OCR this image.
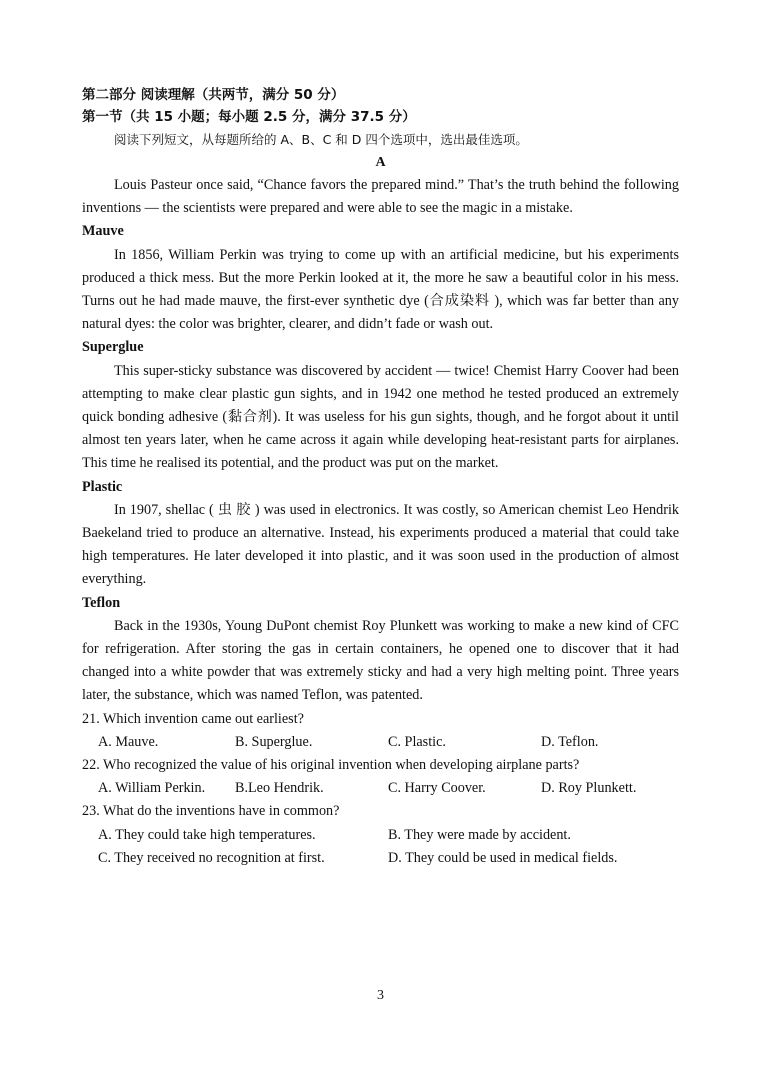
第二部分 阅读理解（共两节，满分 50 分）

第一节（共 15 小题；每小题 2.5 分，满分 37.5 分）

阅读下列短文，从每题所给的 A、B、C 和 D 四个选项中，选出最佳选项。

A

Louis Pasteur once said, “Chance favors the prepared mind.” That’s the truth behind the following inventions — the scientists were prepared and were able to see the magic in a mistake.

Mauve

In 1856, William Perkin was trying to come up with an artificial medicine, but his experiments produced a thick mess. But the more Perkin looked at it, the more he saw a beautiful color in his mess. Turns out he had made mauve, the first-ever synthetic dye (合成染料 ), which was far better than any natural dyes: the color was brighter, clearer, and didn’t fade or wash out.

Superglue

This super-sticky substance was discovered by accident — twice! Chemist Harry Coover had been attempting to make clear plastic gun sights, and in 1942 one method he tested produced an extremely quick bonding adhesive (黏合剂). It was useless for his gun sights, though, and he forgot about it until almost ten years later, when he came across it again while developing heat-resistant parts for airplanes. This time he realised its potential, and the product was put on the market.

Plastic

In 1907, shellac ( 虫 胶 ) was used in electronics. It was costly, so American chemist Leo Hendrik Baekeland tried to produce an alternative. Instead, his experiments produced a material that could take high temperatures. He later developed it into plastic, and it was soon used in the production of almost everything.

Teflon

Back in the 1930s, Young DuPont chemist Roy Plunkett was working to make a new kind of CFC for refrigeration. After storing the gas in certain containers, he opened one to discover that it had changed into a white powder that was extremely sticky and had a very high melting point. Three years later, the substance, which was named Teflon, was patented.

21. Which invention came out earliest?

A. Mauve.	B. Superglue.	C. Plastic.	D. Teflon.

22. Who recognized the value of his original invention when developing airplane parts?

A. William Perkin. B.Leo Hendrik.	C. Harry Coover.	D. Roy Plunkett.

23. What do the inventions have in common?

A. They could take high temperatures.	B. They were made by accident.
C. They received no recognition at first.	D. They could be used in medical fields.
3
